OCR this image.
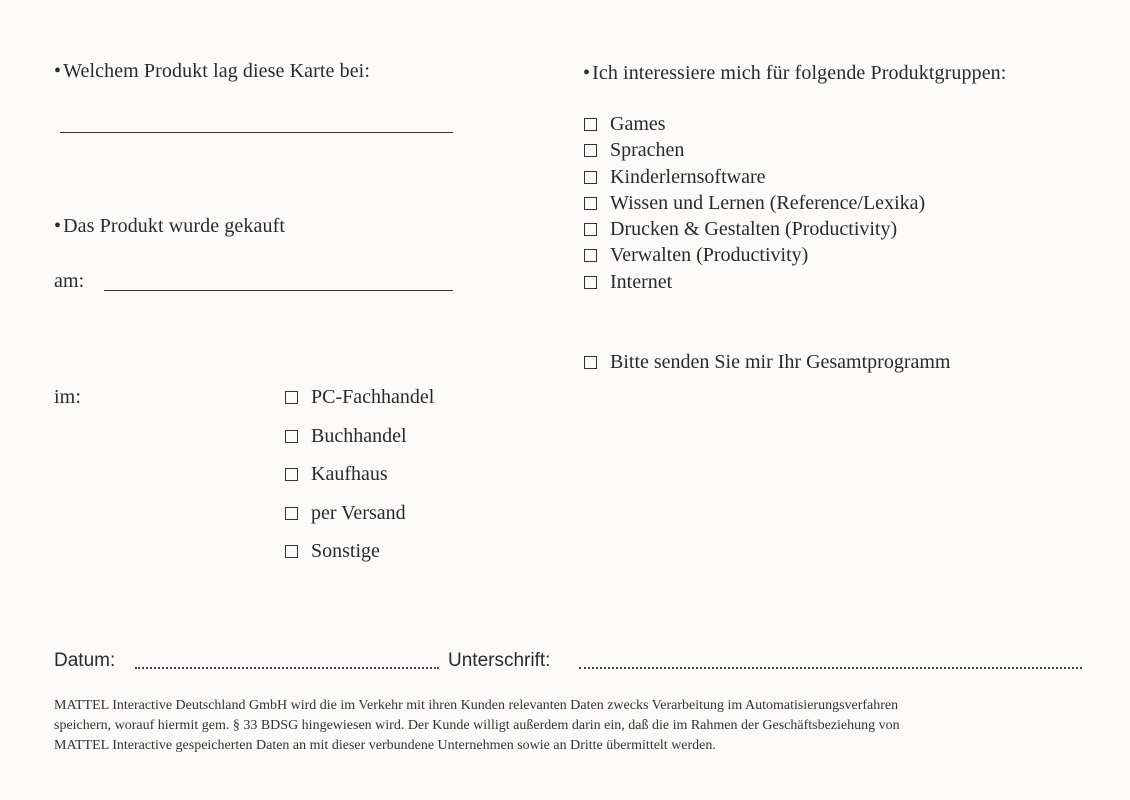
• Welchem Produkt lag diese Karte bei:
• Das Produkt wurde gekauft
am:
im:	PC-Fachhandel
Buchhandel
Kaufhaus
per Versand
Sonstige
• Ich interessiere mich für folgende Produktgruppen:
Games
Sprachen
Kinderlernsoftware
Wissen und Lernen (Reference/Lexika)
Drucken & Gestalten (Productivity)
Verwalten (Productivity)
Internet
Bitte senden Sie mir Ihr Gesamtprogramm
Datum:	Unterschrift:
MATTEL Interactive Deutschland GmbH wird die im Verkehr mit ihren Kunden relevanten Daten zwecks Verarbeitung im Automatisierungsverfahren
speichern, worauf hiermit gem. § 33 BDSG hingewiesen wird. Der Kunde willigt außerdem darin ein, daß die im Rahmen der Geschäftsbeziehung von
MATTEL Interactive gespeicherten Daten an mit dieser verbundene Unternehmen sowie an Dritte übermittelt werden.
